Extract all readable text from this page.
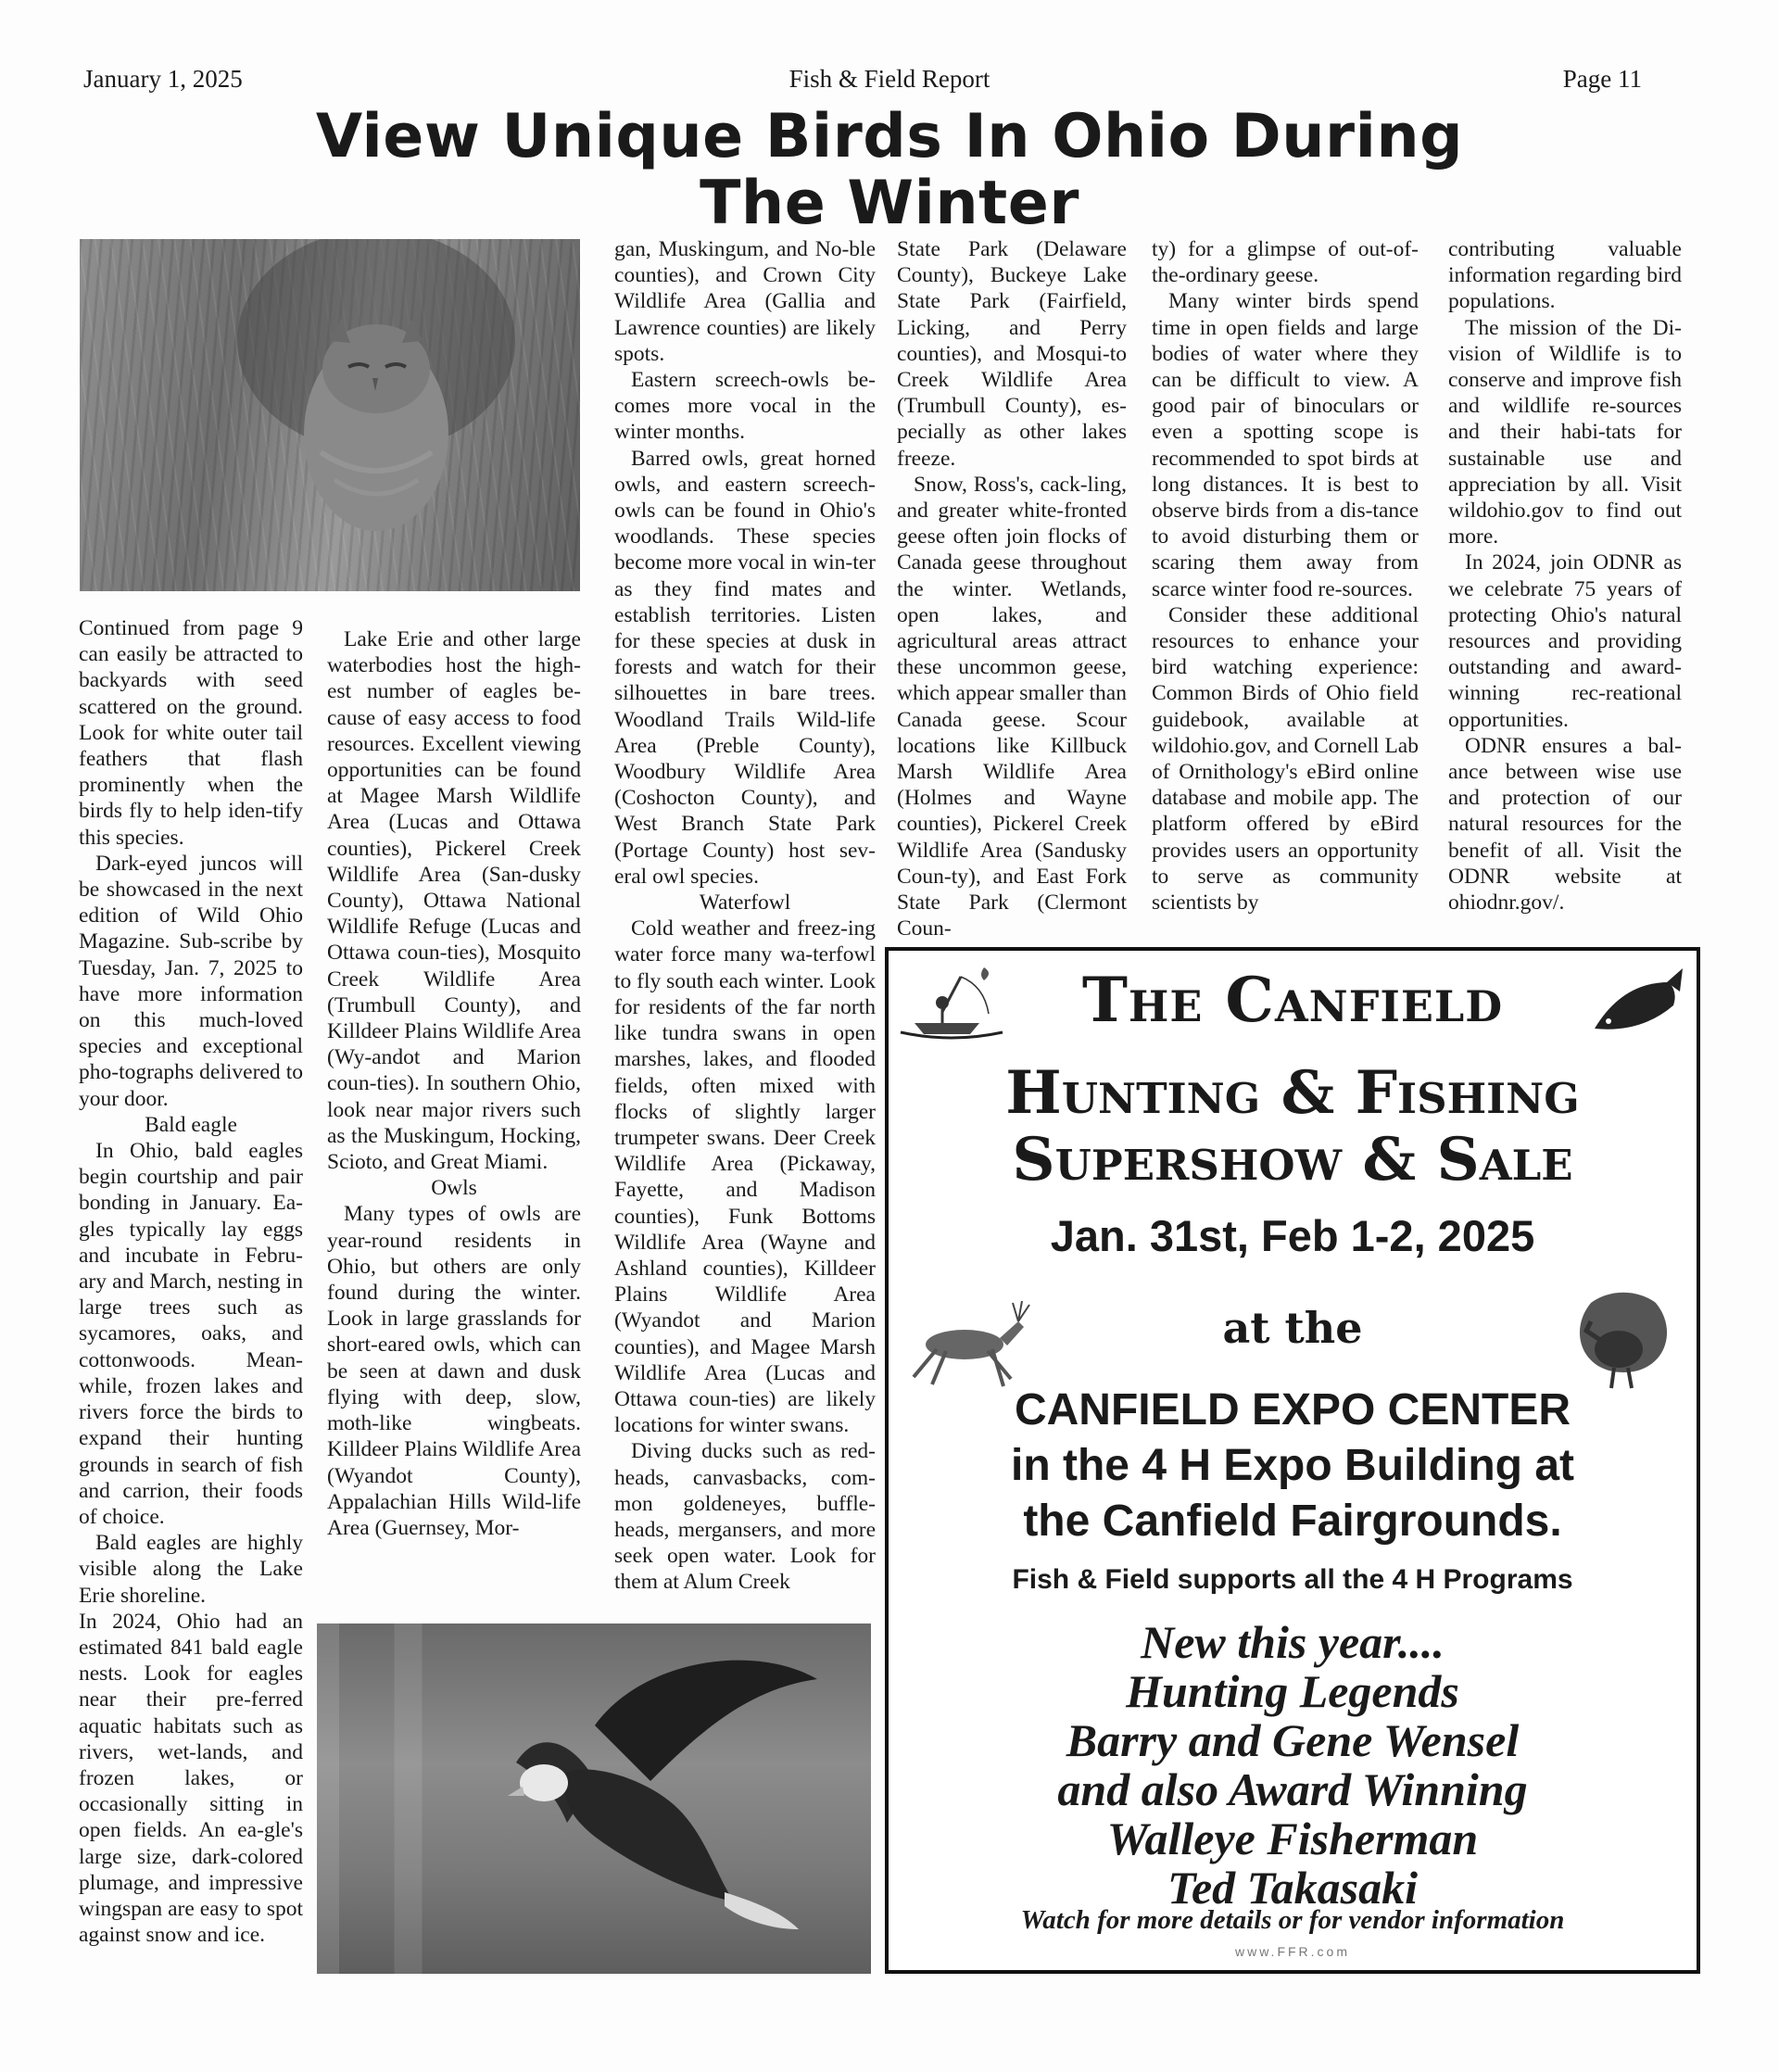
January 1, 2025	Fish & Field Report	Page 11
View Unique Birds In Ohio During
The Winter

Continued from page 9 can easily be attracted to backyards with seed scattered on the ground. Look for white outer tail feathers that flash prominently when the birds fly to help iden-tify this species.

Dark-eyed juncos will be showcased in the next edition of Wild Ohio Magazine. Sub-scribe by Tuesday, Jan. 7, 2025 to have more information on this much-loved species and exceptional pho-tographs delivered to your door.

Bald eagle

In Ohio, bald eagles begin courtship and pair bonding in January. Ea-gles typically lay eggs and incubate in Febru-ary and March, nesting in large trees such as sycamores, oaks, and cottonwoods. Mean-while, frozen lakes and rivers force the birds to expand their hunting grounds in search of fish and carrion, their foods of choice.

Bald eagles are highly visible along the Lake Erie shoreline.

In 2024, Ohio had an estimated 841 bald eagle nests. Look for eagles near their pre-ferred aquatic habitats such as rivers, wet-lands, and frozen lakes, or occasionally sitting in open fields. An ea-gle's large size, dark-colored plumage, and impressive wingspan are easy to spot against snow and ice.

Lake Erie and other large waterbodies host the high-est number of eagles be-cause of easy access to food resources. Excellent viewing opportunities can be found at Magee Marsh Wildlife Area (Lucas and Ottawa counties), Pickerel Creek Wildlife Area (San-dusky County), Ottawa National Wildlife Refuge (Lucas and Ottawa coun-ties), Mosquito Creek Wildlife Area (Trumbull County), and Killdeer Plains Wildlife Area (Wy-andot and Marion coun-ties). In southern Ohio, look near major rivers such as the Muskingum, Hocking, Scioto, and Great Miami.

Owls

Many types of owls are year-round residents in Ohio, but others are only found during the winter. Look in large grasslands for short-eared owls, which can be seen at dawn and dusk flying with deep, slow, moth-like wingbeats. Killdeer Plains Wildlife Area (Wyandot County), Appalachian Hills Wild-life Area (Guernsey, Mor-

gan, Muskingum, and No-ble counties), and Crown City Wildlife Area (Gallia and Lawrence counties) are likely spots.

Eastern screech-owls be-comes more vocal in the winter months.

Barred owls, great horned owls, and eastern screech-owls can be found in Ohio's woodlands. These species become more vocal in win-ter as they find mates and establish territories. Listen for these species at dusk in forests and watch for their silhouettes in bare trees. Woodland Trails Wild-life Area (Preble County), Woodbury Wildlife Area (Coshocton County), and West Branch State Park (Portage County) host sev-eral owl species.

Waterfowl

Cold weather and freez-ing water force many wa-terfowl to fly south each winter. Look for residents of the far north like tundra swans in open marshes, lakes, and flooded fields, often mixed with flocks of slightly larger trumpeter swans. Deer Creek Wildlife Area (Pickaway, Fayette, and Madison counties), Funk Bottoms Wildlife Area (Wayne and Ashland counties), Killdeer Plains Wildlife Area (Wyandot and Marion counties), and Magee Marsh Wildlife Area (Lucas and Ottawa coun-ties) are likely locations for winter swans.

Diving ducks such as red-heads, canvasbacks, com-mon goldeneyes, buffle-heads, mergansers, and more seek open water. Look for them at Alum Creek

State Park (Delaware County), Buckeye Lake State Park (Fairfield, Licking, and Perry counties), and Mosqui-to Creek Wildlife Area (Trumbull County), es-pecially as other lakes freeze.

Snow, Ross's, cack-ling, and greater white-fronted geese often join flocks of Canada geese throughout the winter. Wetlands, open lakes, and agricultural areas attract these uncommon geese, which appear smaller than Canada geese. Scour locations like Killbuck Marsh Wildlife Area (Holmes and Wayne counties), Pickerel Creek Wildlife Area (Sandusky Coun-ty), and East Fork State Park (Clermont Coun-

ty) for a glimpse of out-of-the-ordinary geese.

Many winter birds spend time in open fields and large bodies of water where they can be difficult to view. A good pair of binoculars or even a spotting scope is recommended to spot birds at long distances. It is best to observe birds from a dis-tance to avoid disturbing them or scaring them away from scarce winter food re-sources.

Consider these additional resources to enhance your bird watching experience: Common Birds of Ohio field guidebook, available at wildohio.gov, and Cornell Lab of Ornithology's eBird online database and mobile app. The platform offered by eBird provides users an opportunity to serve as community scientists by

contributing valuable information regarding bird populations.

The mission of the Di-vision of Wildlife is to conserve and improve fish and wildlife re-sources and their habi-tats for sustainable use and appreciation by all. Visit wildohio.gov to find out more.

In 2024, join ODNR as we celebrate 75 years of protecting Ohio's natural resources and providing outstanding and award-winning rec-reational opportunities.

ODNR ensures a bal-ance between wise use and protection of our natural resources for the benefit of all. Visit the ODNR website at ohiodnr.gov/.

The Canfield
Hunting & Fishing
Supershow & Sale
Jan. 31st, Feb 1-2, 2025
at the
CANFIELD EXPO CENTER
in the 4 H Expo Building at
the Canfield Fairgrounds.
Fish & Field supports all the 4 H Programs
New this year....
Hunting Legends
Barry and Gene Wensel
and also Award Winning
Walleye Fisherman
Ted Takasaki
Watch for more details or for vendor information
www.FFR.com
